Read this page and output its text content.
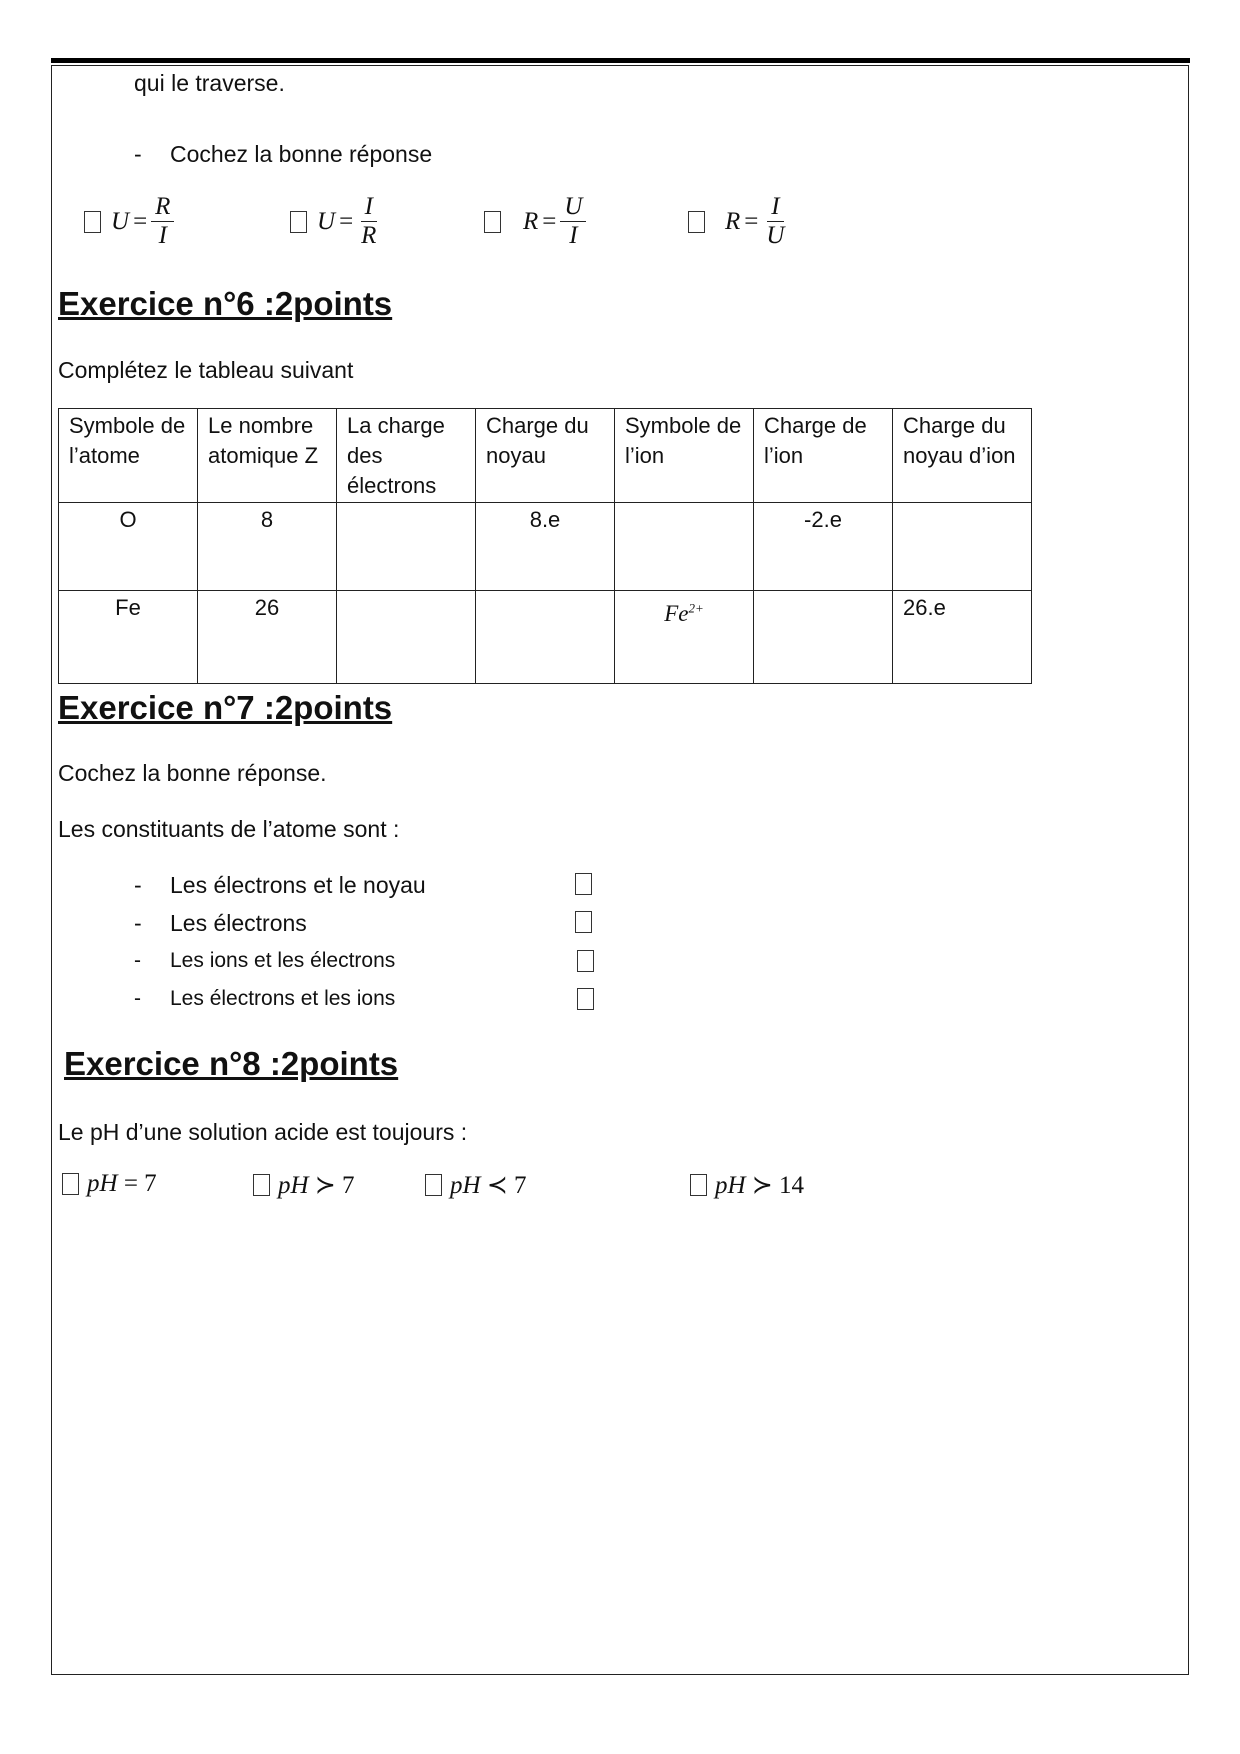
qui le traverse.
- Cochez la bonne réponse
$U = \frac{R}{I}$	$U = \frac{I}{R}$	$R = \frac{U}{I}$	$R = \frac{I}{U}$
Exercice n°6 :2points
Complétez le tableau suivant
Symbole de l’atome	Le nombre atomique Z	La charge des électrons	Charge du noyau	Symbole de l’ion	Charge de l’ion	Charge du noyau d’ion
O	8		8.e		-2.e	
Fe	26			$Fe^{2+}$		26.e
Exercice n°7 :2points
Cochez la bonne réponse.
Les constituants de l’atome sont :
- Les électrons et le noyau
- Les électrons
- Les ions et les électrons
- Les électrons et les ions
Exercice n°8 :2points
Le pH d’une solution acide est toujours :
pH = 7	pH ≻ 7	pH ≺ 7	pH ≻ 14
